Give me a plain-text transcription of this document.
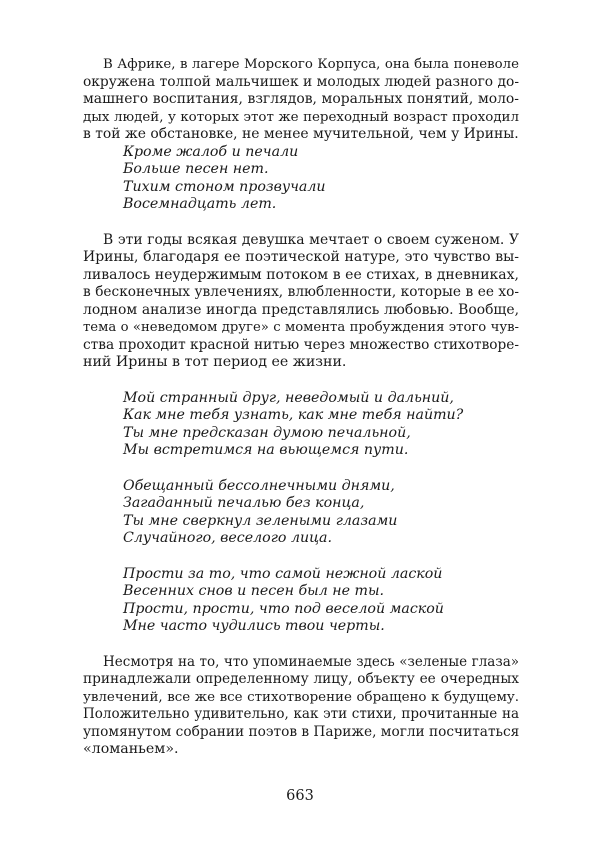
В Африке, в лагере Морского Корпуса, она была поневоле
окружена толпой мальчишек и молодых людей разного до-
машнего воспитания, взглядов, моральных понятий, моло-
дых людей, у которых этот же переходный возраст проходил
в той же обстановке, не менее мучительной, чем у Ирины.
Кроме жалоб и печали
Больше песен нет.
Тихим стоном прозвучали
Восемнадцать лет.
В эти годы всякая девушка мечтает о своем суженом. У
Ирины, благодаря ее поэтической натуре, это чувство вы-
ливалось неудержимым потоком в ее стихах, в дневниках,
в бесконечных увлечениях, влюбленности, которые в ее хо-
лодном анализе иногда представлялись любовью. Вообще,
тема о «неведомом друге» с момента пробуждения этого чув-
ства проходит красной нитью через множество стихотворе-
ний Ирины в тот период ее жизни.
Мой странный друг, неведомый и дальний,
Как мне тебя узнать, как мне тебя найти?
Ты мне предсказан думою печальной,
Мы встретимся на вьющемся пути.
Обещанный бессолнечными днями,
Загаданный печалью без конца,
Ты мне сверкнул зелеными глазами
Случайного, веселого лица.
Прости за то, что самой нежной лаской
Весенних снов и песен был не ты.
Прости, прости, что под веселой маской
Мне часто чудились твои черты.
Несмотря на то, что упоминаемые здесь «зеленые глаза»
принадлежали определенному лицу, объекту ее очередных
увлечений, все же все стихотворение обращено к будущему.
Положительно удивительно, как эти стихи, прочитанные на
упомянутом собрании поэтов в Париже, могли посчитаться
«ломаньем».
663
